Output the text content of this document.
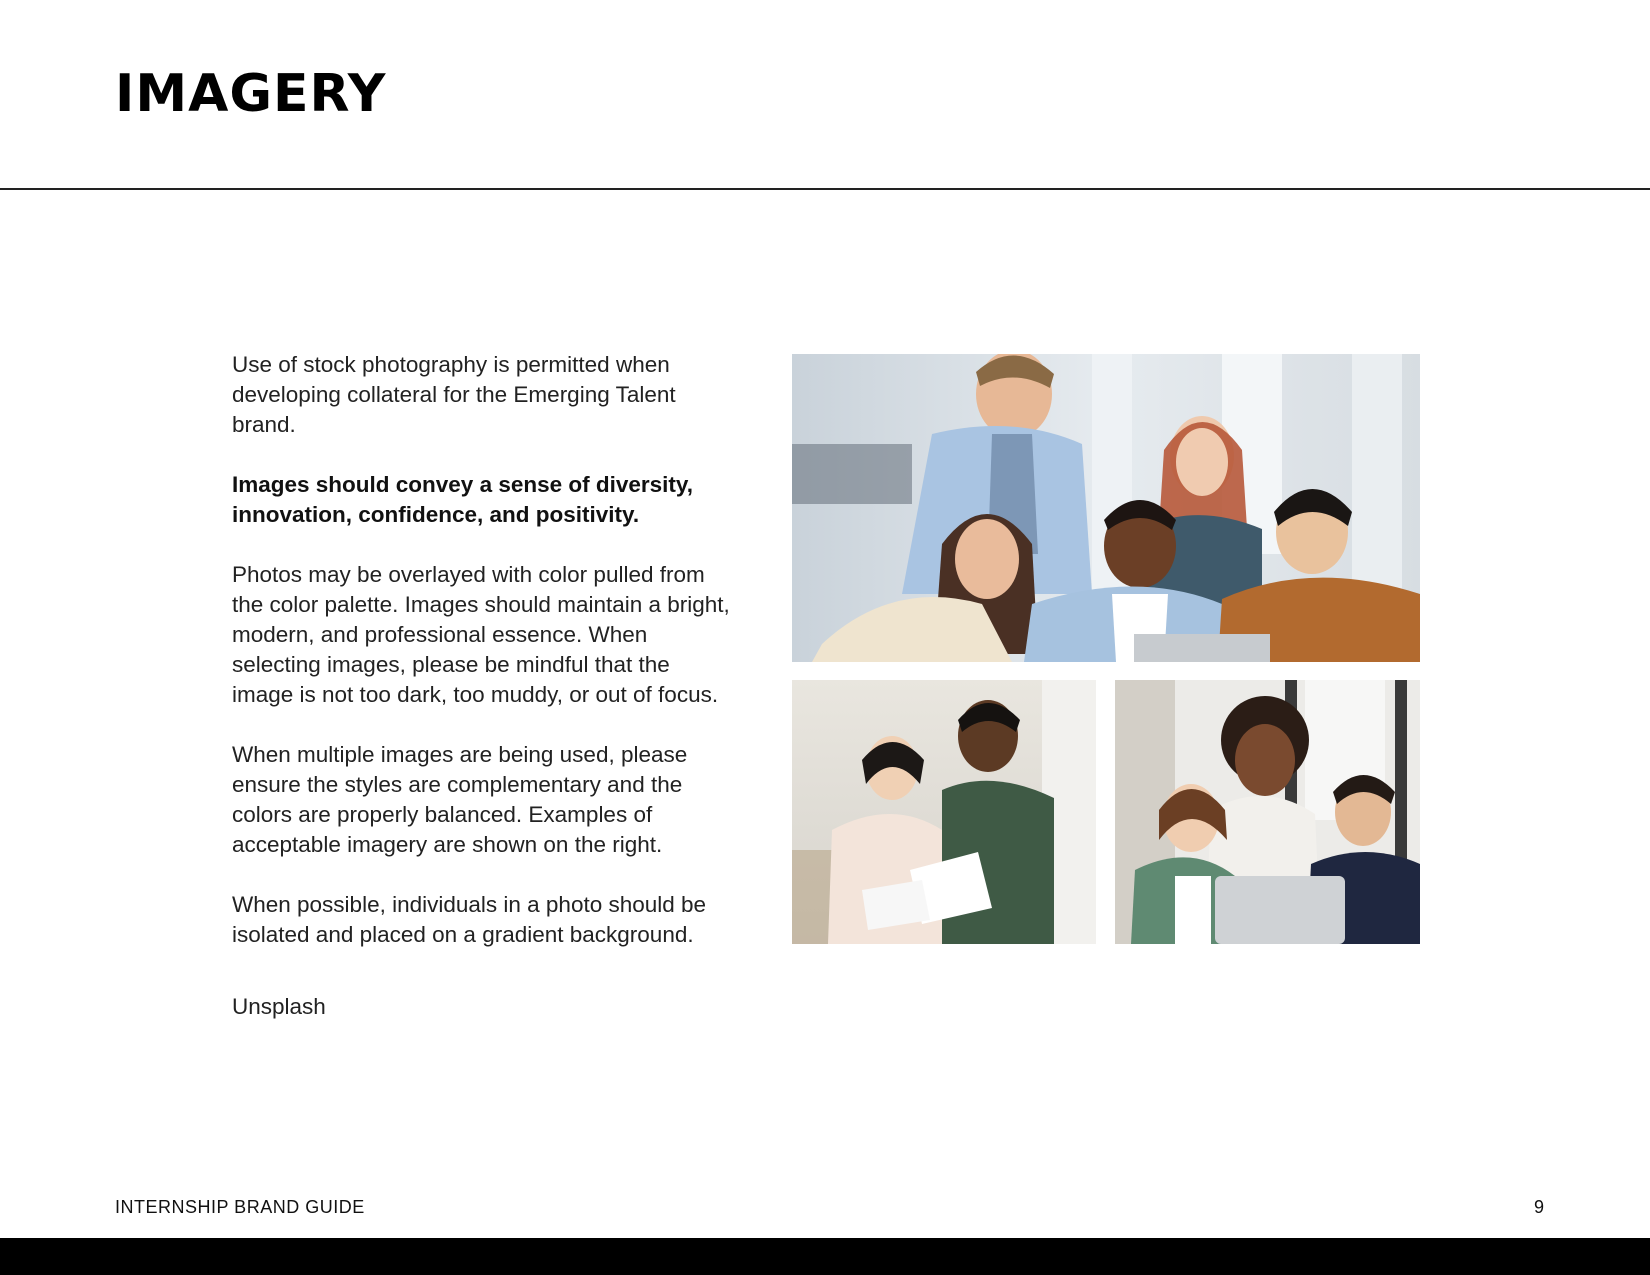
IMAGERY

Use of stock photography is permitted when developing collateral for the Emerging Talent brand.

Images should convey a sense of diversity, innovation, confidence, and positivity.

Photos may be overlayed with color pulled from the color palette. Images should maintain a bright, modern, and professional essence. When selecting images, please be mindful that the image is not too dark, too muddy, or out of focus.

When multiple images are being used, please ensure the styles are complementary and the colors are properly balanced. Examples of acceptable imagery are shown on the right.

When possible, individuals in a photo should be isolated and placed on a gradient background.

Unsplash

INTERNSHIP BRAND GUIDE	9
